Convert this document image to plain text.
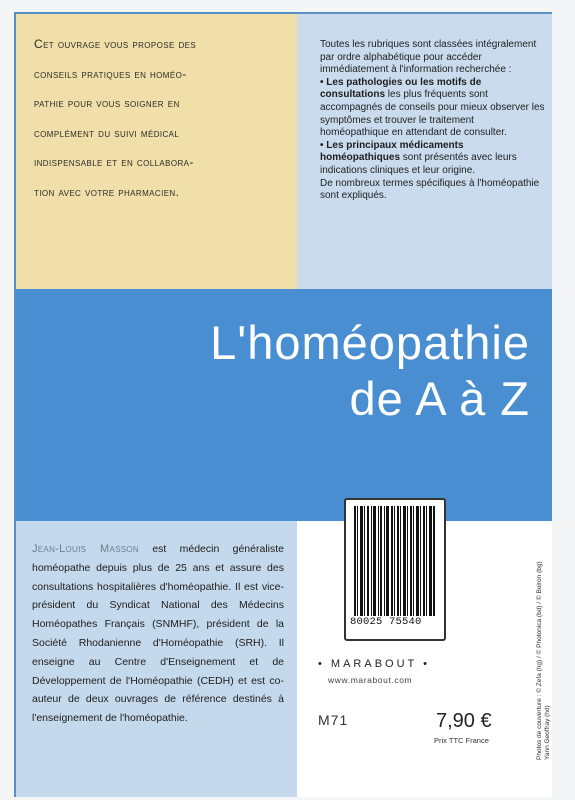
Cet ouvrage vous propose des
conseils pratiques en homéo-
pathie pour vous soigner en
complément du suivi médical
indispensable et en collabora-
tion avec votre pharmacien.

Toutes les rubriques sont classées intégralement par ordre alphabétique pour accéder immédiatement à l'information recherchée :

• Les pathologies ou les motifs de consultations les plus fréquents sont accompagnés de conseils pour mieux observer les symptômes et trouver le traitement homéopathique en attendant de consulter.

• Les principaux médicaments homéopathiques sont présentés avec leurs indications cliniques et leur origine.

De nombreux termes spécifiques à l'homéopathie sont expliqués.

L'homéopathie
de A à Z
Jean-Louis Masson est médecin généraliste homéopathe depuis plus de 25 ans et assure des consultations hospitalières d'homéopathie. Il est vice-président du Syndicat National des Médecins Homéopathes Français (SNMHF), président de la Société Rhodanienne d'Homéopathie (SRH). Il enseigne au Centre d'Enseignement et de Développement de l'Homéopathie (CEDH) et est co-auteur de deux ouvrages de référence destinés à l'enseignement de l'homéopathie.
80025 75540
• MARABOUT •
www.marabout.com
M71	7,90 €
Prix TTC France	Photos de couverture : © Zefa (hg) / © Photonica (bd) / © Boiron (bg) Yann Geoffray (hd)
